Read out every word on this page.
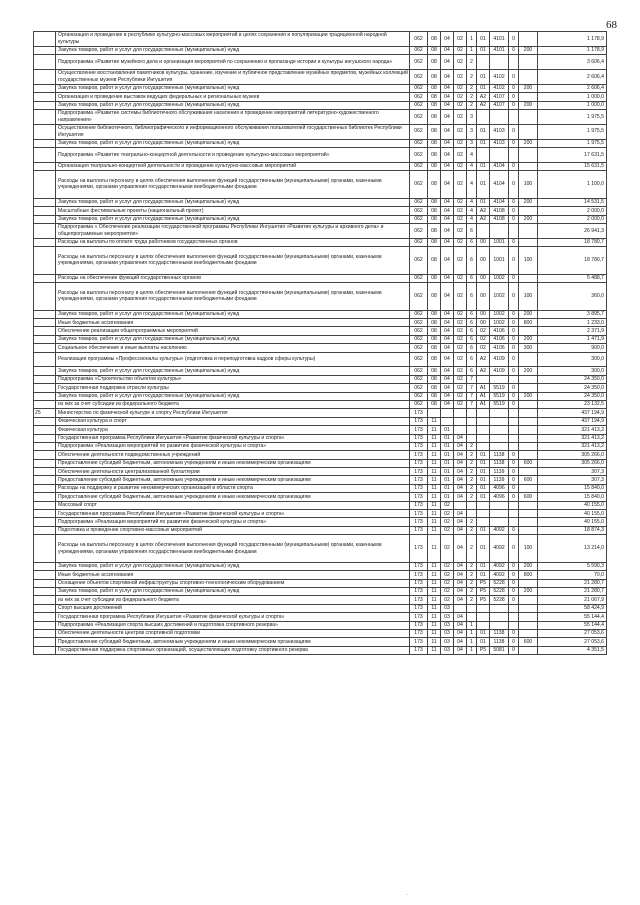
68
	Организация и проведение в республике культурно-массовых мероприятий в целях сохранения и популяризации традиционной народной культуры	062	08	04	02	1	01	4101	0		1 178,9
	Закупка товаров, работ и услуг для государственных (муниципальных) нужд	062	08	04	02	1	01	4101	0	200	1 178,9
	Подпрограмма «Развитие музейного дела и организация мероприятий по сохранению и пропаганде истории и культуры ингушского народа»	062	08	04	02	2					3 606,4
	Осуществление восстановления памятников культуры, хранение, изучение и публичное представление музейных предметов, музейных коллекций государственных музеев Республики Ингушетия	062	08	04	02	2	01	4102	0		2 606,4
	Закупка товаров, работ и услуг для государственных (муниципальных) нужд	062	08	04	02	2	01	4102	0	200	2 606,4
	Организация и проведение выставок ведущих федеральных и региональных музеев	062	08	04	02	2	А2	4107	0		1 000,0
	Закупка товаров, работ и услуг для государственных (муниципальных) нужд	062	08	04	02	2	А2	4107	0	200	1 000,0
	Подпрограмма «Развитие системы библиотечного обслуживания населения и проведение мероприятий литературно-художественного направления»	062	08	04	02	3					1 975,5
	Осуществление библиотечного, библиографического и информационного обслуживания пользователей государственных библиотек Республики Ингушетия	062	08	04	02	3	01	4103	0		1 975,5
	Закупка товаров, работ и услуг для государственных (муниципальных) нужд	062	08	04	02	3	01	4103	0	200	1 975,5
	Подпрограмма «Развитие театрально-концертной деятельности и проведение культурно-массовых мероприятий»	062	08	04	02	4					17 631,5
	Организация театрально-концертной деятельности и проведение культурно-массовых мероприятий	062	08	04	02	4	01	4104	0		15 631,5
	Расходы на выплаты персоналу в целях обеспечения выполнения функций государственными (муниципальными) органами, казенными учреждениями, органами управления государственными внебюджетными фондами	062	08	04	02	4	01	4104	0	100	1 100,0
	Закупка товаров, работ и услуг для государственных (муниципальных) нужд	062	08	04	02	4	01	4104	0	200	14 531,5
	Масштабные фестивальные проекты (национальный проект)	062	08	04	02	4	А2	4108	0		2 000,0
	Закупка товаров, работ и услуг для государственных (муниципальных) нужд	062	08	04	02	4	А2	4108	0	200	2 000,0
	Подпрограмма « Обеспечение реализации государственной программы Республики Ингушетия «Развитие культуры и архивного дела» и общепрограммные мероприятия»	062	08	04	02	6					26 941,3
	Расходы на выплаты по оплате труда работников государственных органов	062	08	04	02	6	00	1001	0		18 780,7
	Расходы на выплаты персоналу в целях обеспечения выполнения функций государственными (муниципальными) органами, казенными учреждениями, органами управления государственными внебюджетными фондами	062	08	04	02	6	00	1001	0	100	18 780,7
	Расходы на обеспечение функций государственных органов	062	08	04	02	6	00	1002	0		5 488,7
	Расходы на выплаты персоналу в целях обеспечения выполнения функций государственными (муниципальными) органами, казенными учреждениями, органами управления государственными внебюджетными фондами	062	08	04	02	6	00	1002	0	100	360,0
	Закупка товаров, работ и услуг для государственных (муниципальных) нужд	062	08	04	02	6	00	1002	0	200	3 895,7
	Иные бюджетные ассигнования	062	08	04	02	6	00	1002	0	800	1 233,0
	Обеспечение реализации общепрограммных мероприятий	062	08	04	02	6	02	4106	0		2 371,9
	Закупка товаров, работ и услуг для государственных (муниципальных) нужд	062	08	04	02	6	02	4106	0	200	1 471,9
	Социальное обеспечение и иные выплаты населению	062	08	04	02	6	02	4106	0	300	900,0
	Реализация программы «Профессионалы культуры» (подготовка и переподготовка кадров сферы культуры)	062	08	04	02	6	А2	4109	0		300,0
	Закупка товаров, работ и услуг для государственных (муниципальных) нужд	062	08	04	02	6	А2	4109	0	200	300,0
	Подпрограмма «Строительство объектов культуры»	062	08	04	02	7					24 350,0
	Государственная поддержка отрасли культуры	062	08	04	02	7	А1	5519	0		24 350,0
	Закупка товаров, работ и услуг для государственных (муниципальных) нужд	062	08	04	02	7	А1	5519	0	200	24 350,0
	из них за счет субсидии из федерального бюджета	062	08	04	02	7	А1	5519	0		23 132,5
25	Министерство по физической культуре и спорту Республики Ингушетия	173									437 194,9
	Физическая культура и спорт	173	11								437 194,9
	Физическая культура	173	11	01							321 413,2
	Государственная программа Республики Ингушетия «Развитие физической культуры и спорта»	173	11	01	04						321 413,2
	Подпрограмма «Реализация мероприятий по развитию физической культуры и спорта»	173	11	01	04	2					321 413,2
	Обеспечение деятельности подведомственных учреждений	173	11	01	04	2	01	1138	0		305 266,0
	Предоставление субсидий бюджетным, автономным учреждениям и иным некоммерческим организациям	173	11	01	04	2	01	1138	0	600	305 266,0
	Обеспечение деятельности централизованной бухгалтерии	173	11	01	04	2	01	1139	0		307,3
	Предоставление субсидий бюджетным, автономным учреждениям и иным некоммерческим организациям	173	11	01	04	2	01	1139	0	600	307,3
	Расходы на поддержку и развитие некоммерческих организаций в области спорта	173	11	01	04	2	01	4096	0		15 840,0
	Предоставление субсидий бюджетным, автономным учреждениям и иным некоммерческим организациям	173	11	01	04	2	01	4096	0	600	15 840,0
	Массовый спорт	173	11	02							40 155,0
	Государственная программа Республики Ингушетия «Развитие физической культуры и спорта»	173	11	02	04						40 155,0
	Подпрограмма «Реализация мероприятий по развитию физической культуры и спорта»	173	11	02	04	2					40 155,0
	Подготовка и проведение спортивно-массовых мероприятий	173	11	02	04	2	01	4092	0		18 874,3
	Расходы на выплаты персоналу в целях обеспечения выполнения функций государственными (муниципальными) органами, казенными учреждениями, органами управления государственными внебюджетными фондами	173	11	02	04	2	01	4092	0	100	13 214,0
	Закупка товаров, работ и услуг для государственных (муниципальных) нужд	173	11	02	04	2	01	4092	0	200	5 590,3
	Иные бюджетные ассигнования	173	11	02	04	2	01	4092	0	800	70,0
	Оснащение объектов спортивной инфраструктуры спортивно-технологическим оборудованием	173	11	02	04	2	Р5	5228	0		21 280,7
	Закупка товаров, работ и услуг для государственных (муниципальных) нужд	173	11	02	04	2	Р5	5228	0	200	21 280,7
	из них за счет субсидии из федерального бюджета	173	11	02	04	2	Р5	5228	0		21 067,9
	Спорт высших достижений	173	11	03							58 424,9
	Государственная программа Республики Ингушетия «Развитие физической культуры и спорта»	173	11	03	04						55 144,4
	Подпрограмма «Реализация спорта высших достижений и подготовка спортивного резерва»	173	11	03	04	1					55 144,4
	Обеспечение деятельности центров спортивной подготовки	173	11	03	04	1	01	1138	0		27 053,6
	Предоставление субсидий бюджетным, автономным учреждениям и иным некоммерческим организациям	173	11	03	04	1	01	1138	0	600	27 053,6
	Государственная поддержка спортивных организаций, осуществляющих подготовку спортивного резерва	173	11	03	04	1	Р5	5081	0		4 351,5
·
